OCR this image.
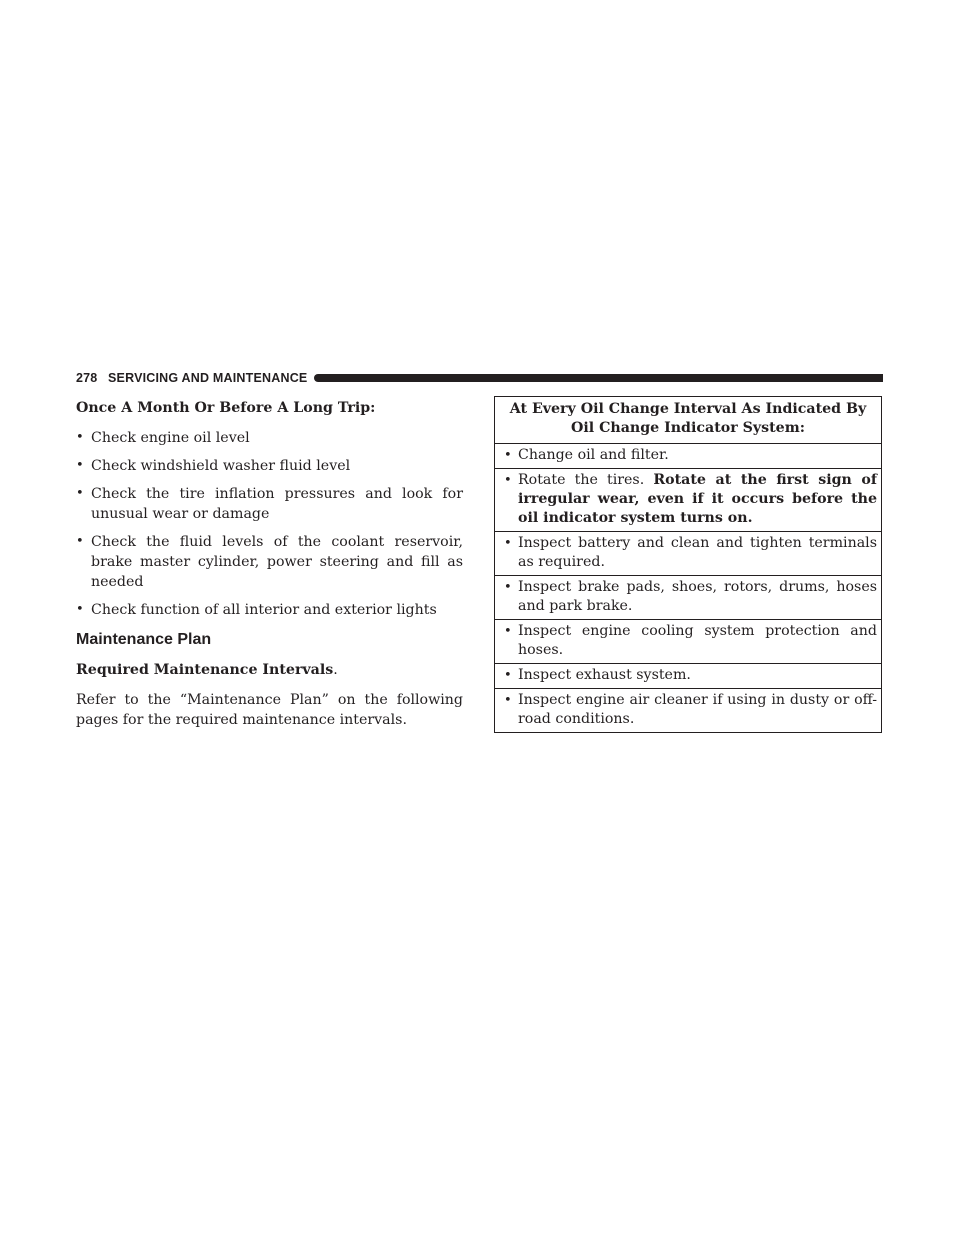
278 SERVICING AND MAINTENANCE

Once A Month Or Before A Long Trip:

• Check engine oil level
• Check windshield washer fluid level
• Check the tire inflation pressures and look for unusual wear or damage
• Check the fluid levels of the coolant reservoir, brake master cylinder, power steering and fill as needed
• Check function of all interior and exterior lights
Maintenance Plan

Required Maintenance Intervals.

Refer to the “Maintenance Plan” on the following pages for the required maintenance intervals.

At Every Oil Change Interval As Indicated By Oil Change Indicator System:
• Change oil and filter.
• Rotate the tires. Rotate at the first sign of irregular wear, even if it occurs before the oil indicator system turns on.
• Inspect battery and clean and tighten terminals as required.
• Inspect brake pads, shoes, rotors, drums, hoses and park brake.
• Inspect engine cooling system protection and hoses.
• Inspect exhaust system.
• Inspect engine air cleaner if using in dusty or off-road conditions.
